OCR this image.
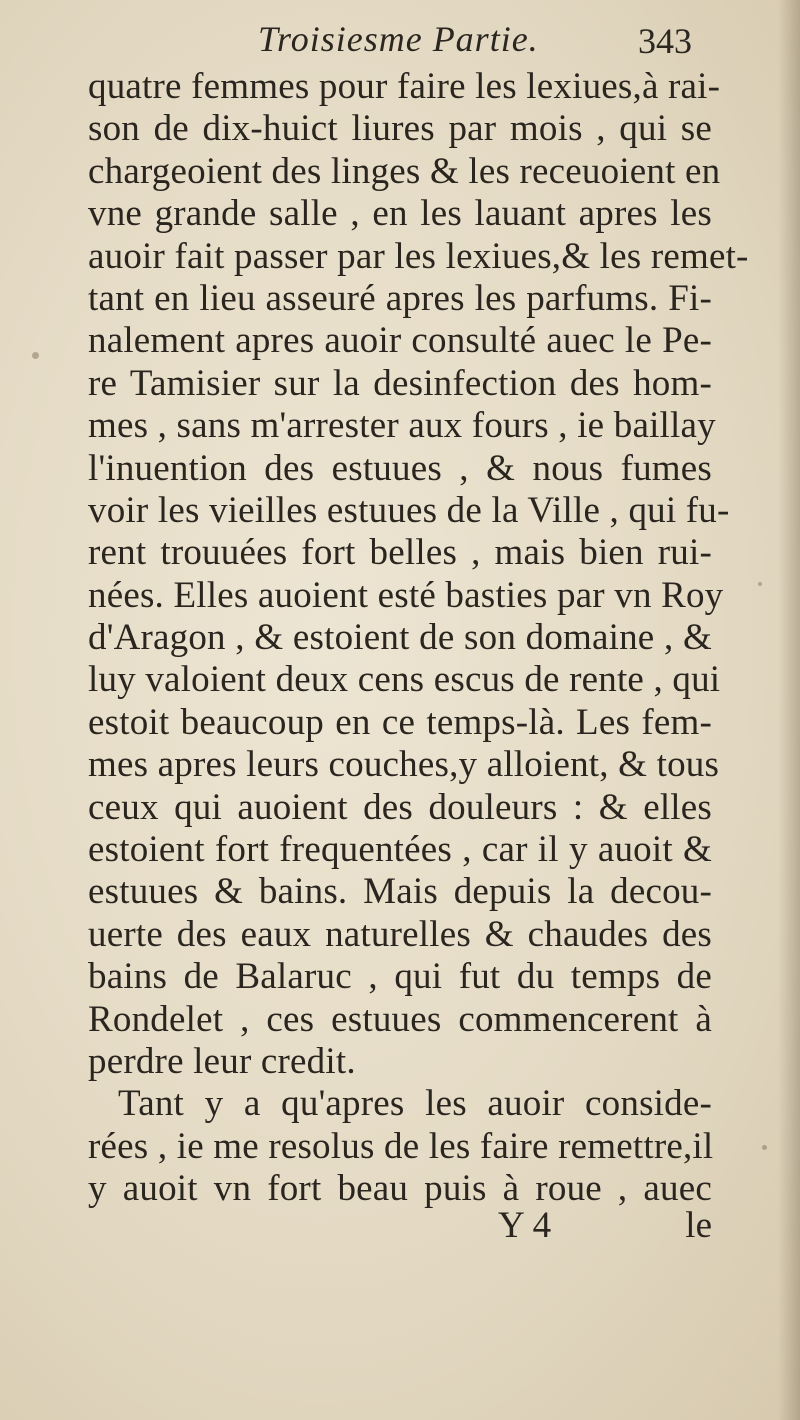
Troisiesme Partie.	343
quatre femmes pour faire les lexiues,à rai-
son de dix-huict liures par mois , qui se
chargeoient des linges & les receuoient en
vne grande salle , en les lauant apres les
auoir fait passer par les lexiues,& les remet-
tant en lieu asseuré apres les parfums. Fi-
nalement apres auoir consulté auec le Pe-
re Tamisier sur la desinfection des hom-
mes , sans m'arrester aux fours , ie baillay
l'inuention des estuues , & nous fumes
voir les vieilles estuues de la Ville , qui fu-
rent trouuées fort belles , mais bien rui-
nées. Elles auoient esté basties par vn Roy
d'Aragon , & estoient de son domaine , &
luy valoient deux cens escus de rente , qui
estoit beaucoup en ce temps-là. Les fem-
mes apres leurs couches,y alloient, & tous
ceux qui auoient des douleurs : & elles
estoient fort frequentées , car il y auoit &
estuues & bains. Mais depuis la decou-
uerte des eaux naturelles & chaudes des
bains de Balaruc , qui fut du temps de
Rondelet , ces estuues commencerent à
perdre leur credit.
Tant y a qu'apres les auoir conside-
rées , ie me resolus de les faire remettre,il
y auoit vn fort beau puis à roue , auec
Y 4	le
